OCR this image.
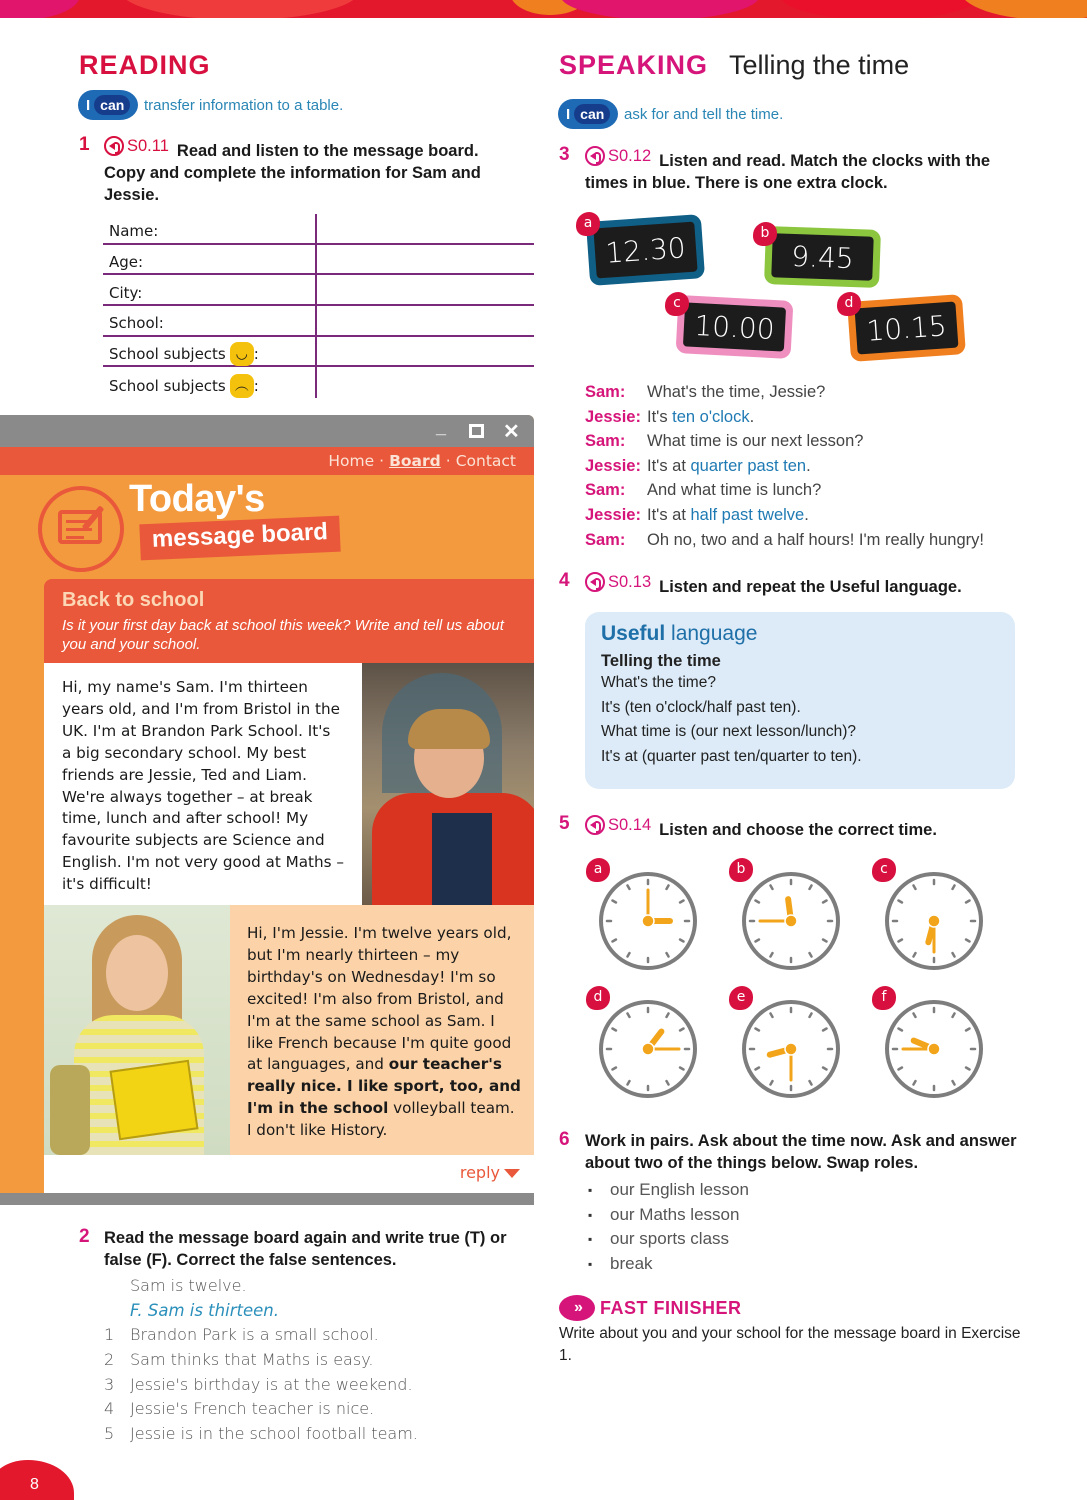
READING
I can	transfer information to a table.
1 S0.11 Read and listen to the message board. Copy and complete the information for Sam and Jessie.
Name:
Age:
City:
School:
School subjects ◡ :
School subjects ︵ :
_	✕
Home · Board · Contact
Today's
message board
Back to school
Is it your first day back at school this week? Write and tell us about you and your school.
Hi, my name's Sam. I'm thirteen years old, and I'm from Bristol in the UK. I'm at Brandon Park School. It's a big secondary school. My best friends are Jessie, Ted and Liam. We're always together – at break time, lunch and after school! My favourite subjects are Science and English. I'm not very good at Maths – it's difficult!
Hi, I'm Jessie. I'm twelve years old, but I'm nearly thirteen – my birthday's on Wednesday! I'm so excited! I'm also from Bristol, and I'm at the same school as Sam. I like French because I'm quite good at languages, and our teacher's really nice. I like sport, too, and I'm in the school volleyball team. I don't like History.
reply
2 Read the message board again and write true (T) or false (F). Correct the false sentences.
Sam is twelve.
F. Sam is thirteen.
1 Brandon Park is a small school.
2 Sam thinks that Maths is easy.
3 Jessie's birthday is at the weekend.
4 Jessie's French teacher is nice.
5 Jessie is in the school football team.
8
SPEAKING Telling the time
I can	ask for and tell the time.
3 S0.12 Listen and read. Match the clocks with the times in blue. There is one extra clock.
12.30
a
9.45
b
10.00
c
10.15
d
Sam:	What's the time, Jessie?
Jessie: It's ten o'clock.
Sam:	What time is our next lesson?
Jessie: It's at quarter past ten.
Sam:	And what time is lunch?
Jessie: It's at half past twelve.
Sam:	Oh no, two and a half hours! I'm really hungry!
4 S0.13 Listen and repeat the Useful language.
Useful language
Telling the time
What's the time?
It's (ten o'clock/half past ten).
What time is (our next lesson/lunch)?
It's at (quarter past ten/quarter to ten).
5 S0.14 Listen and choose the correct time.
a	b	c
d	e	f
6 Work in pairs. Ask about the time now. Ask and answer about two of the things below. Swap roles.
▪	our English lesson
▪	our Maths lesson
▪	our sports class
▪	break
»	FAST FINISHER
Write about you and your school for the message board in Exercise 1.
